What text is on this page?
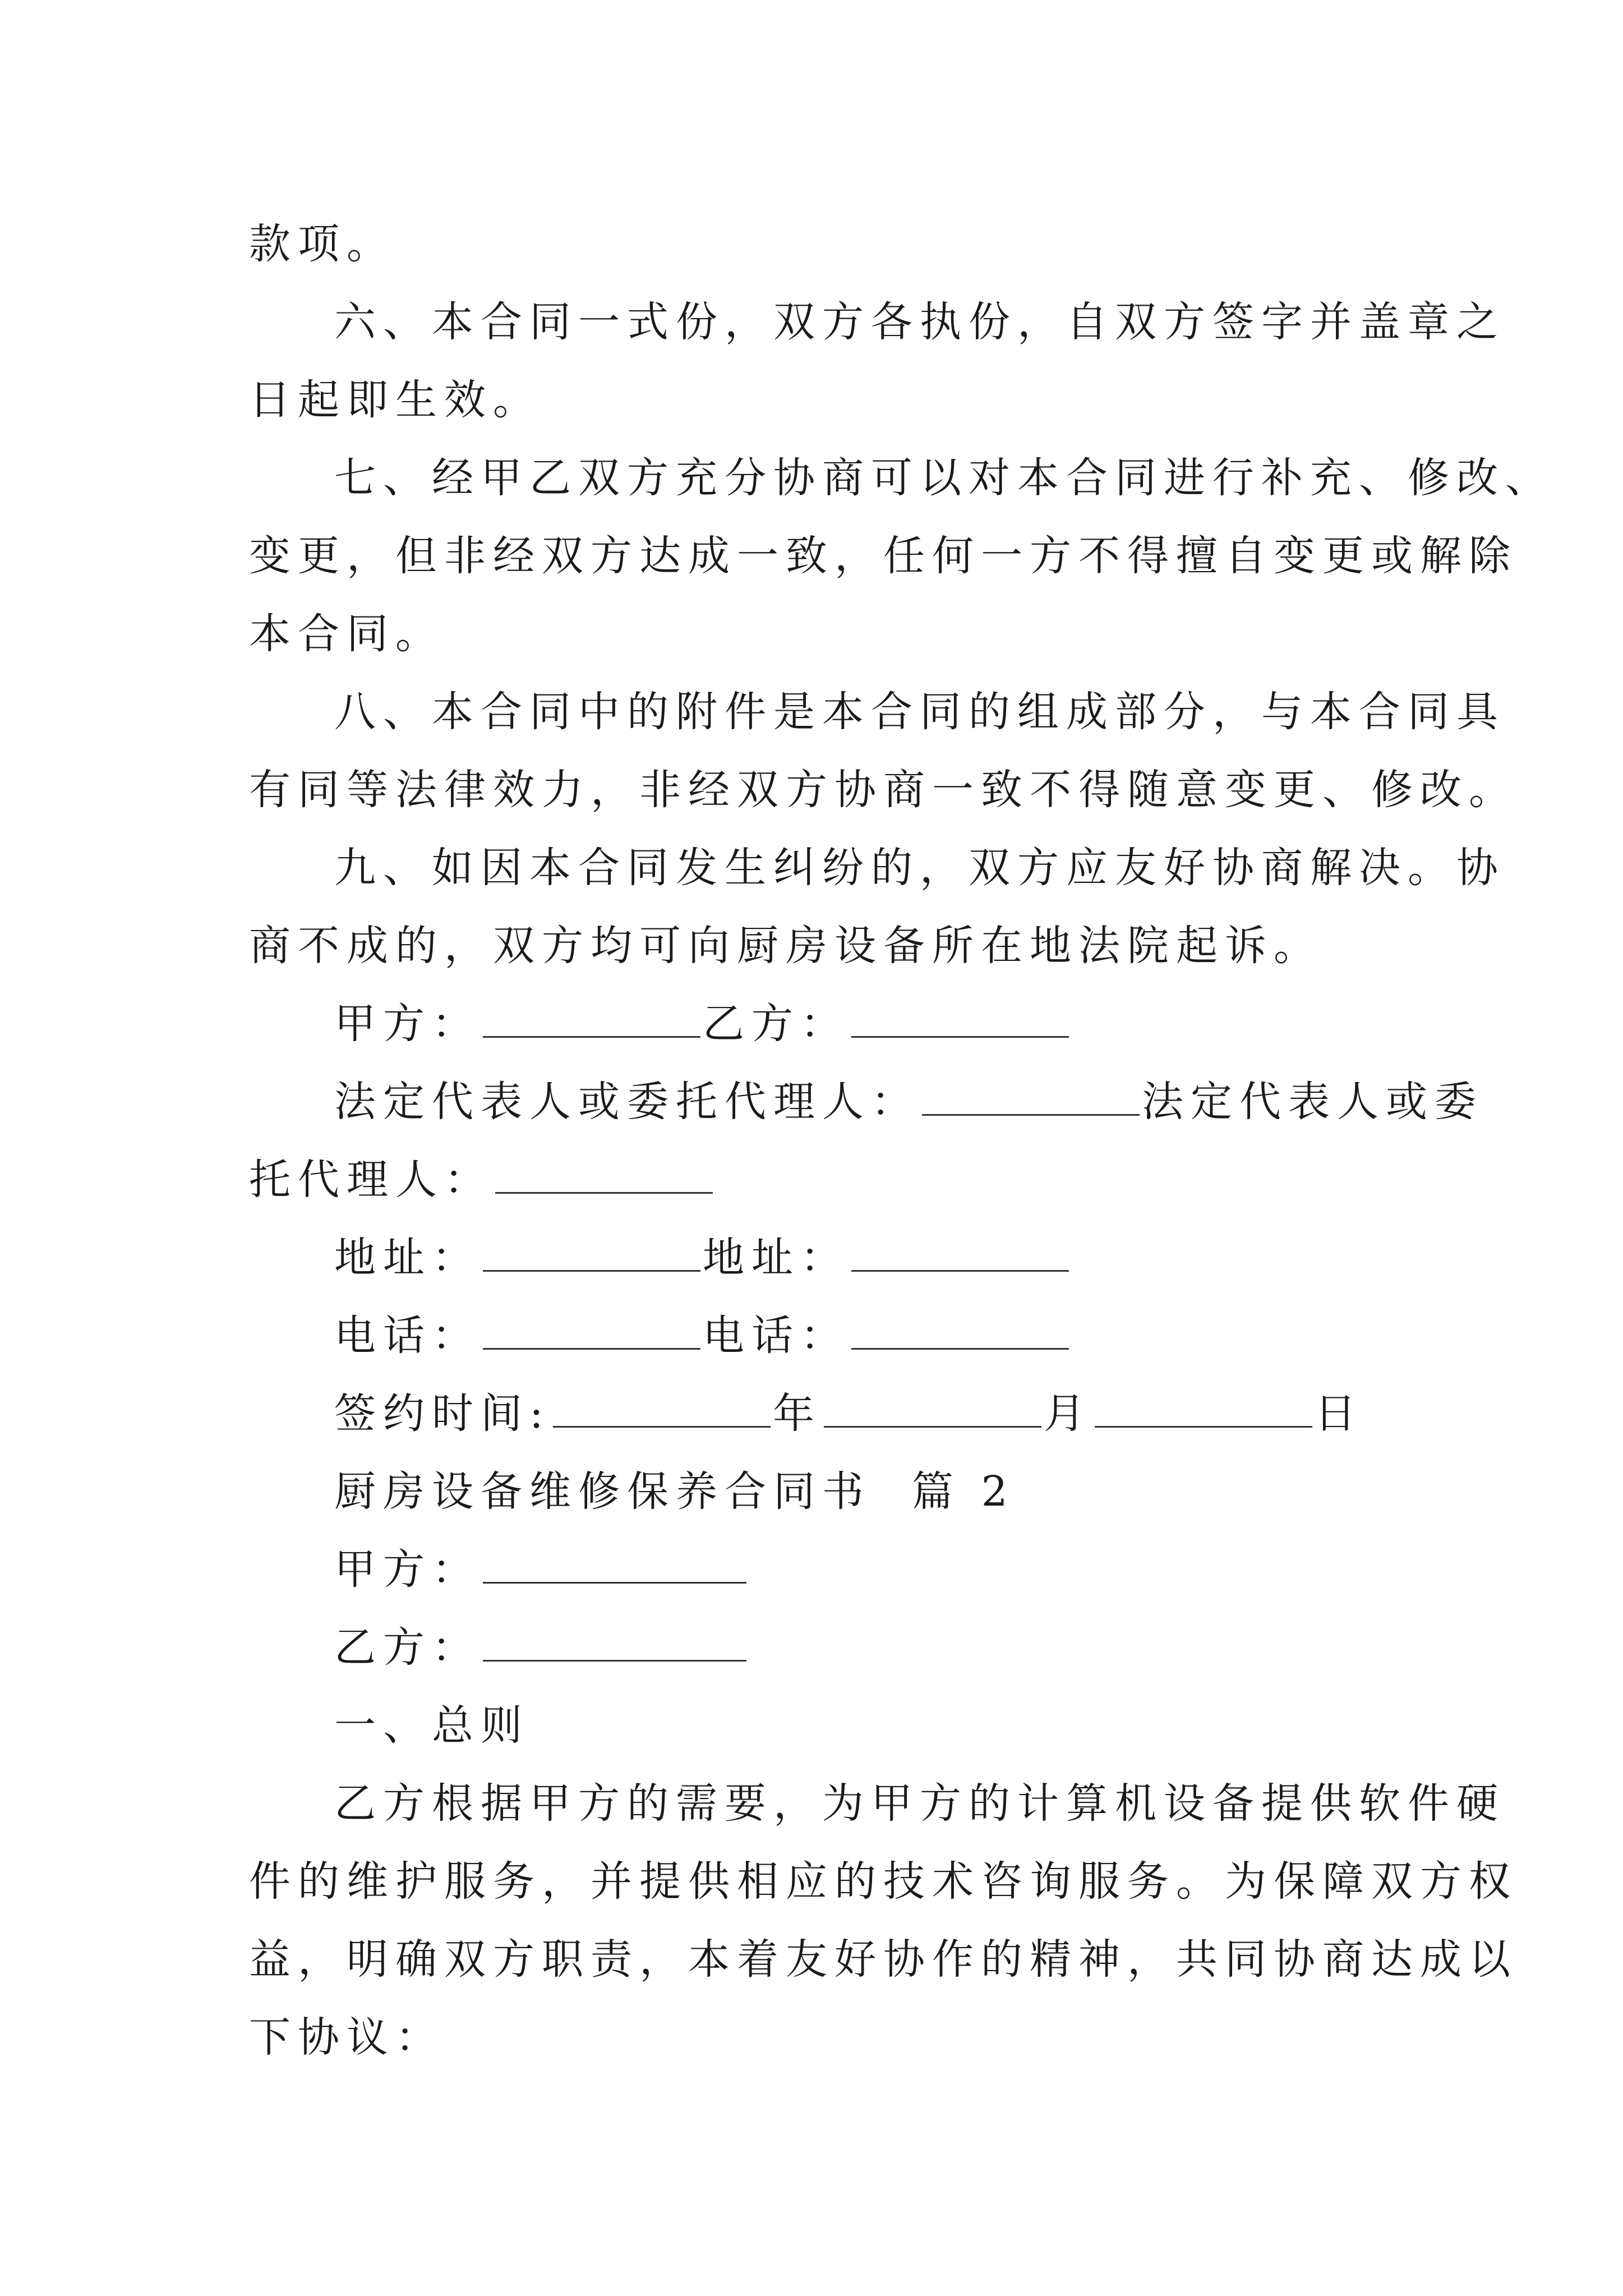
款项。
六、本合同一式份，双方各执份，自双方签字并盖章之
日起即生效。
七、经甲乙双方充分协商可以对本合同进行补充、修改、
变更，但非经双方达成一致，任何一方不得擅自变更或解除
本合同。
八、本合同中的附件是本合同的组成部分，与本合同具
有同等法律效力，非经双方协商一致不得随意变更、修改。
九、如因本合同发生纠纷的，双方应友好协商解决。协
商不成的，双方均可向厨房设备所在地法院起诉。
甲方：	乙方：
法定代表人或委托代理人：	法定代表人或委
托代理人：
地址：	地址：
电话：	电话：
签约时间:	年	月	日
厨房设备维修保养合同书  篇 2
甲方：
乙方：
一、总则
乙方根据甲方的需要，为甲方的计算机设备提供软件硬
件的维护服务，并提供相应的技术咨询服务。为保障双方权
益，明确双方职责，本着友好协作的精神，共同协商达成以
下协议：
